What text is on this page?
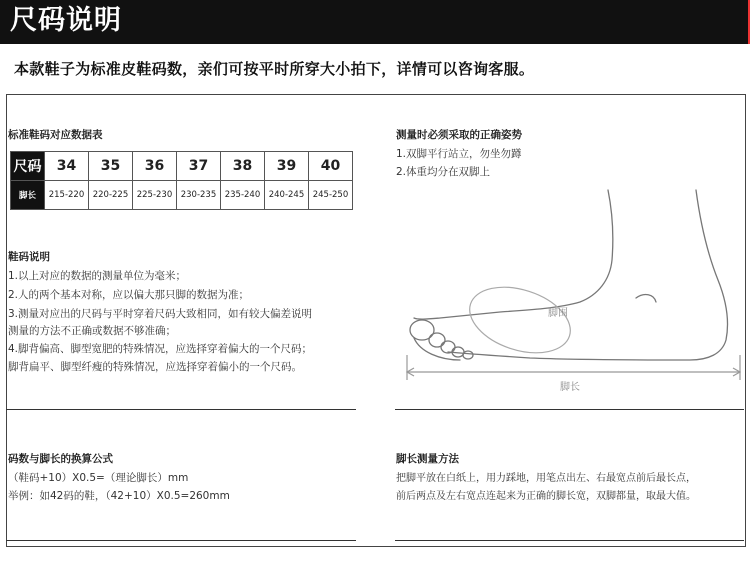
尺码说明
本款鞋子为标准皮鞋码数，亲们可按平时所穿大小拍下，详情可以咨询客服。
标准鞋码对应数据表
尺码	34	35	36	37	38	39	40
脚长	215-220	220-225	225-230	230-235	235-240	240-245	245-250
测量时必须采取的正确姿势
1.双脚平行站立，勿坐勿蹲
2.体重均分在双脚上
脚围
脚长
鞋码说明
1.以上对应的数据的测量单位为毫米；
2.人的两个基本对称，应以偏大那只脚的数据为准；
3.测量对应出的尺码与平时穿着尺码大致相同，如有较大偏差说明
测量的方法不正确或数据不够准确；
4.脚背偏高、脚型宽肥的特殊情况，应选择穿着偏大的一个尺码；
脚背扁平、脚型纤瘦的特殊情况，应选择穿着偏小的一个尺码。
码数与脚长的换算公式
（鞋码+10）X0.5=（理论脚长）mm
举例：如42码的鞋，（42+10）X0.5=260mm
脚长测量方法
把脚平放在白纸上，用力踩地，用笔点出左、右最宽点前后最长点，
前后两点及左右宽点连起来为正确的脚长宽，双脚都量，取最大值。
